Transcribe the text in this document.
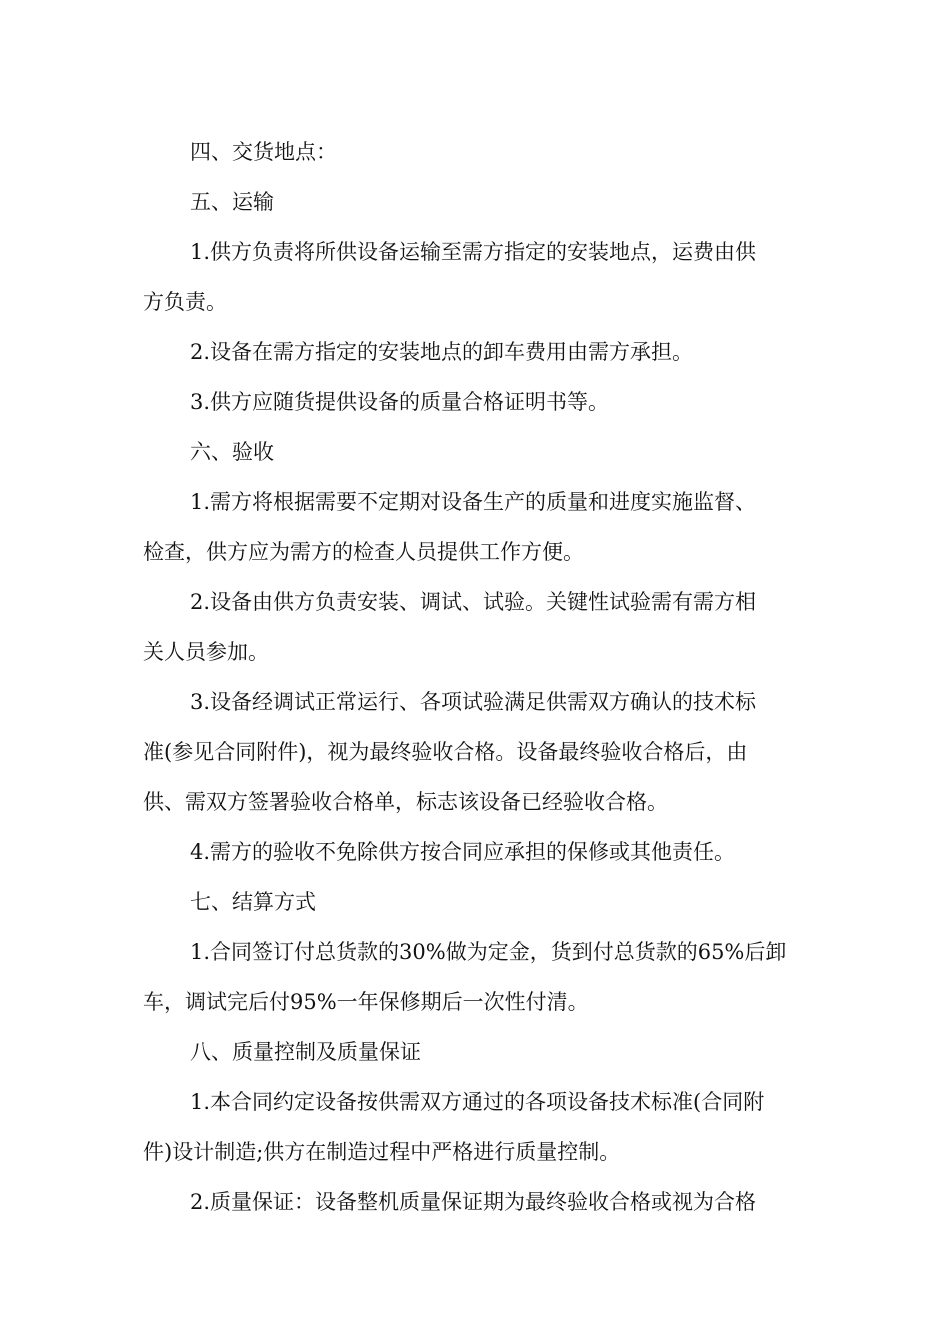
四、交货地点：
五、运输
1.供方负责将所供设备运输至需方指定的安装地点，运费由供
方负责。
2.设备在需方指定的安装地点的卸车费用由需方承担。
3.供方应随货提供设备的质量合格证明书等。
六、验收
1.需方将根据需要不定期对设备生产的质量和进度实施监督、
检查，供方应为需方的检查人员提供工作方便。
2.设备由供方负责安装、调试、试验。关键性试验需有需方相
关人员参加。
3.设备经调试正常运行、各项试验满足供需双方确认的技术标
准(参见合同附件)，视为最终验收合格。设备最终验收合格后，由
供、需双方签署验收合格单，标志该设备已经验收合格。
4.需方的验收不免除供方按合同应承担的保修或其他责任。
七、结算方式
1.合同签订付总货款的30%做为定金，货到付总货款的65%后卸
车，调试完后付95%一年保修期后一次性付清。
八、质量控制及质量保证
1.本合同约定设备按供需双方通过的各项设备技术标准(合同附
件)设计制造;供方在制造过程中严格进行质量控制。
2.质量保证：设备整机质量保证期为最终验收合格或视为合格
